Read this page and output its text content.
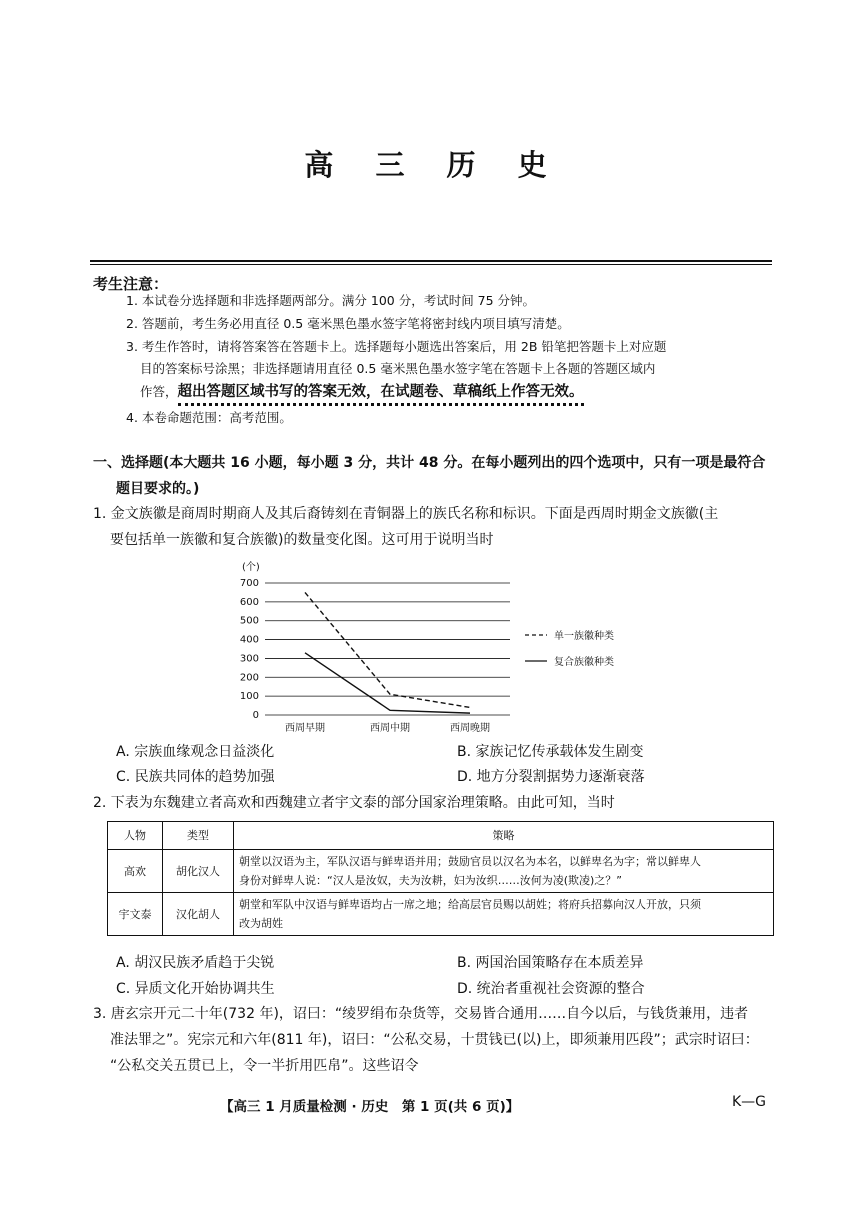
高 三 历 史
考生注意：
1. 本试卷分选择题和非选择题两部分。满分 100 分，考试时间 75 分钟。
2. 答题前，考生务必用直径 0.5 毫米黑色墨水签字笔将密封线内项目填写清楚。
3. 考生作答时，请将答案答在答题卡上。选择题每小题选出答案后，用 2B 铅笔把答题卡上对应题
目的答案标号涂黑；非选择题请用直径 0.5 毫米黑色墨水签字笔在答题卡上各题的答题区域内
作答，超出答题区域书写的答案无效，在试题卷、草稿纸上作答无效。
4. 本卷命题范围：高考范围。
一、选择题(本大题共 16 小题，每小题 3 分，共计 48 分。在每小题列出的四个选项中，只有一项是最符合
题目要求的。)
1. 金文族徽是商周时期商人及其后裔铸刻在青铜器上的族氏名称和标识。下面是西周时期金文族徽(主
要包括单一族徽和复合族徽)的数量变化图。这可用于说明当时
(个)
0
100
200
300
400
500
600
700
西周早期	西周中期	西周晚期
单一族徽种类
复合族徽种类
A. 宗族血缘观念日益淡化	B. 家族记忆传承载体发生剧变
C. 民族共同体的趋势加强	D. 地方分裂割据势力逐渐衰落
2. 下表为东魏建立者高欢和西魏建立者宇文泰的部分国家治理策略。由此可知，当时
人物	类型	策略
高欢	胡化汉人	朝堂以汉语为主，军队汉语与鲜卑语并用；鼓励官员以汉名为本名，以鲜卑名为字；常以鲜卑人
身份对鲜卑人说：“汉人是汝奴，夫为汝耕，妇为汝织……汝何为凌(欺凌)之？”

宇文泰	汉化胡人	朝堂和军队中汉语与鲜卑语均占一席之地；给高层官员赐以胡姓；将府兵招募向汉人开放，只须
改为胡姓
A. 胡汉民族矛盾趋于尖锐	B. 两国治国策略存在本质差异
C. 异质文化开始协调共生	D. 统治者重视社会资源的整合
3. 唐玄宗开元二十年(732 年)，诏曰：“绫罗绢布杂货等，交易皆合通用……自今以后，与钱货兼用，违者
准法罪之”。宪宗元和六年(811 年)，诏曰：“公私交易，十贯钱已(以)上，即须兼用匹段”；武宗时诏曰：
“公私交关五贯已上，令一半折用匹帛”。这些诏令
【高三 1 月质量检测 · 历史　第 1 页(共 6 页)】	K—G
